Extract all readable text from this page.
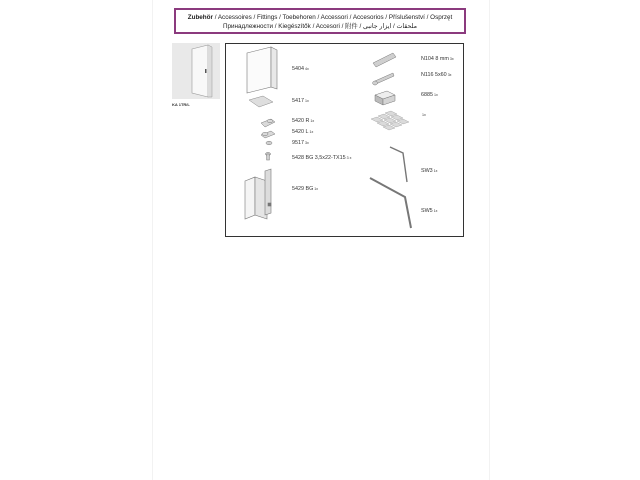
Zubehör / Accessoires / Fittings / Toebehoren / Accessori / Accesorios / Příslušenství / Osprzęt
Принадлежности / Kiegészítők / Accesori / 附件 / ملحقات / ایزار جانبی
KA 1TR/L
54044x
54171x
5420 R1x
5420 L1x
95173x
5428 BG 3,5x22-TX153 x
5429 BG1x
N104 8 mm3x
N116 5x603x
68851x
1x
SW31x
SW51x
